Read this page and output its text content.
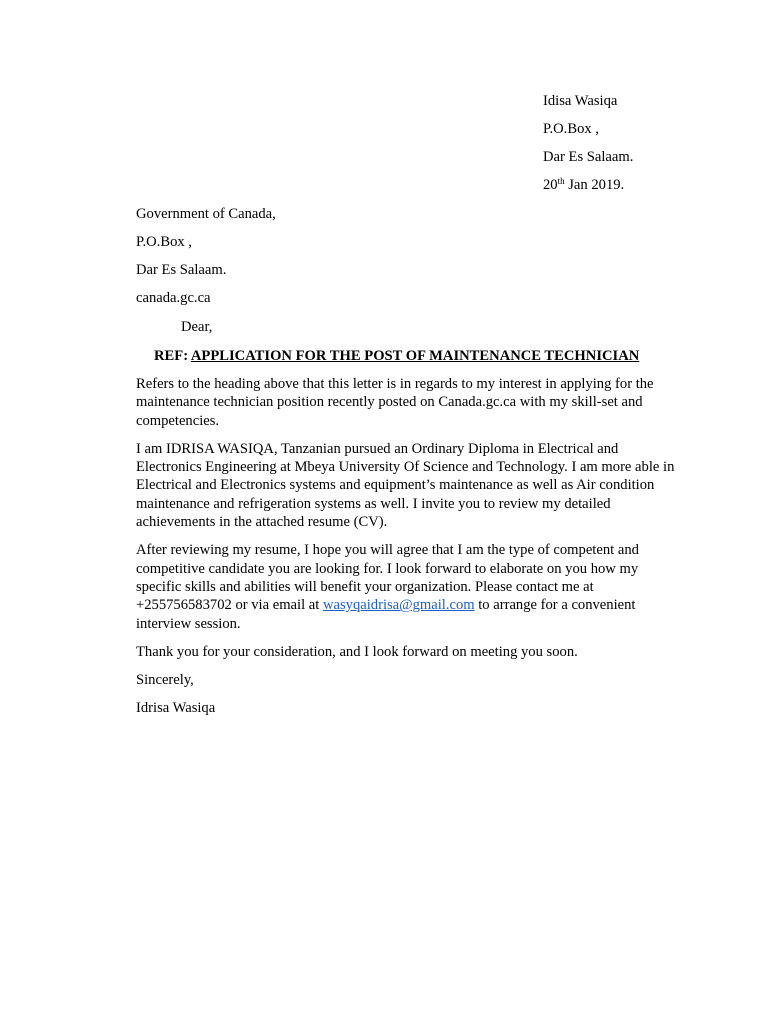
Idisa Wasiqa
P.O.Box ,
Dar Es Salaam.
20th Jan 2019.
Government of Canada,
P.O.Box ,
Dar Es Salaam.
canada.gc.ca
Dear,
REF: APPLICATION FOR THE POST OF MAINTENANCE TECHNICIAN

Refers to the heading above that this letter is in regards to my interest in applying for the maintenance technician position recently posted on Canada.gc.ca with my skill-set and competencies.

I am IDRISA WASIQA, Tanzanian pursued an Ordinary Diploma in Electrical and Electronics Engineering at Mbeya University Of Science and Technology. I am more able in Electrical and Electronics systems and equipment’s maintenance as well as Air condition maintenance and refrigeration systems as well. I invite you to review my detailed achievements in the attached resume (CV).

After reviewing my resume, I hope you will agree that I am the type of competent and competitive candidate you are looking for. I look forward to elaborate on you how my specific skills and abilities will benefit your organization. Please contact me at +255756583702 or via email at wasyqaidrisa@gmail.com to arrange for a convenient interview session.

Thank you for your consideration, and I look forward on meeting you soon.

Sincerely,

Idrisa Wasiqa
